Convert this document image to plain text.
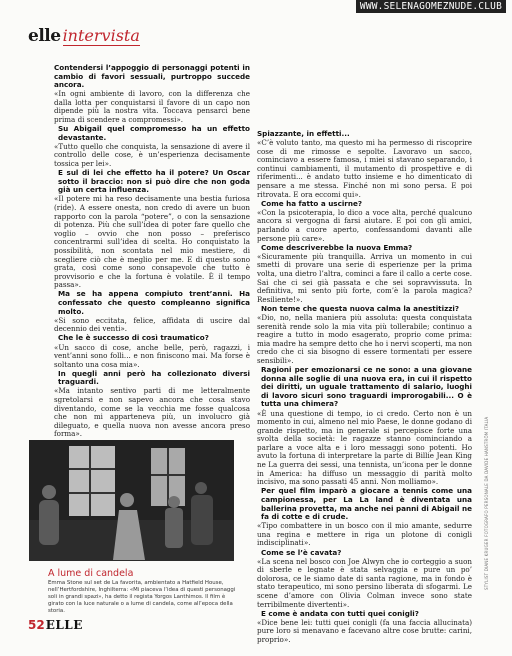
WWW.SELENAGOMEZNUDE.CLUB
elle intervista

Contendersi l’appoggio di personaggi potenti in cambio di favori sessuali, purtroppo succede ancora.

«In ogni ambiente di lavoro, con la differenza che dalla lotta per conquistarsi il favore di un capo non dipende più la nostra vita. Toccava pensarci bene prima di scendere a compromessi».

Su Abigail quel compromesso ha un effetto devastante.

«Tutto quello che conquista, la sensazione di avere il controllo delle cose, è un’esperienza decisamente tossica per lei».

E sul di lei che effetto ha il potere? Un Oscar sotto il braccio: non si può dire che non goda già un certa influenza.

«Il potere mi ha reso decisamente una bestia furiosa (ride). A essere onesta, non credo di avere un buon rapporto con la parola “potere”, o con la sensazione di potenza. Più che sull’idea di poter fare quello che voglio – ovvio che non posso – preferisco concentrarmi sull’idea di scelta. Ho conquistato la possibilità, non scontata nel mio mestiere, di scegliere ciò che è meglio per me. E di questo sono grata, così come sono consapevole che tutto è provvisorio e che la fortuna è volatile. È il tempo passa».

Ma se ha appena compiuto trent’anni. Ha confessato che questo compleanno significa molto.

«Si sono eccitata, felice, affidata di uscire dal decennio dei venti».

Che le è successo di così traumatico?

«Un sacco di cose, anche belle, però, ragazzi, i vent’anni sono folli... e non finiscono mai. Ma forse è soltanto una cosa mia».

In quegli anni però ha collezionato diversi traguardi.

«Ma intanto sentivo parti di me letteralmente sgretolarsi e non sapevo ancora che cosa stavo diventando, come se la vecchia me fosse qualcosa che non mi apparteneva più, un involucro già dileguato, e quella nuova non avesse ancora preso forma».

Spiazzante, in effetti...

«C’è voluto tanto, ma questo mi ha permesso di riscoprire cose di me rimosse e sepolte. Lavoravo un sacco, cominciavo a essere famosa, i miei si stavano separando, i continui cambiamenti, il mutamento di prospettive e di riferimenti... è andato tutto insieme e ho dimenticato di pensare a me stessa. Finché non mi sono persa. E poi ritrovata. E ora eccomi qui».

Come ha fatto a uscirne?

«Con la psicoterapia, lo dico a voce alta, perché qualcuno ancora si vergogna di farsi aiutare. E poi con gli amici, parlando a cuore aperto, confessandomi davanti alle persone più care».

Come descriverebbe la nuova Emma?

«Sicuramente più tranquilla. Arriva un momento in cui smetti di provare una serie di esperienze per la prima volta, una dietro l’altra, cominci a fare il callo a certe cose. Sai che ci sei già passata e che sei sopravvissuta. In definitiva, mi sento più forte, com’è la parola magica? Resiliente!».

Non teme che questa nuova calma la anestitizzi?

«Dio, no, nella maniera più assoluta: questa conquistata serenità rende solo la mia vita più tollerabile; continuo a reagire a tutto in modo esagerato, proprio come prima: mia madre ha sempre detto che ho i nervi scoperti, ma non credo che ci sia bisogno di essere tormentati per essere sensibili».

Ragioni per emozionarsi ce ne sono: a una giovane donna alle soglie di una nuova era, in cui il rispetto dei diritti, un uguale trattamento di salario, luoghi di lavoro sicuri sono traguardi improrogabili... O è tutta una chimera?

«È una questione di tempo, io ci credo. Certo non è un momento in cui, almeno nel mio Paese, le donne godano di grande rispetto, ma in generale si percepisce forte una svolta della società: le ragazze stanno cominciando a parlare a voce alta e i loro messaggi sono potenti. Ho avuto la fortuna di interpretare la parte di Billie Jean King ne La guerra dei sessi, una tennista, un’icona per le donne in America: ha diffuso un messaggio di parità molto incisivo, ma sono passati 45 anni. Non molliamo».

Per quel film imparò a giocare a tennis come una campionessa, per La La land è diventata una ballerina provetta, ma anche nei panni di Abigail ne fa di cotte e di crude.

«Tipo combattere in un bosco con il mio amante, sedurre una regina e mettere in riga un plotone di conigli indisciplinati».

Come se l’è cavata?

«La scena nel bosco con Joe Alwyn che io corteggio a suon di sberle e legnate è stata selvaggia e pure un po’ dolorosa, ce le siamo date di santa ragione, ma in fondo è stato terapeutico, mi sono persino liberata di sfogarmi. Le scene d’amore con Olivia Colman invece sono state terribilmente divertenti».

E come è andata con tutti quei conigli?

«Dice bene lei: tutti quei conigli (fa una faccia allucinata) pure loro si menavano e facevano altre cose brutte: carini, proprio».

A lume di candela
Emma Stone sul set de La favorita, ambientato a Hatfield House, nell’Hertfordshire, Inghilterra: «Mi piaceva l’idea di questi personaggi soli in grandi spazi», ha detto il regista Yorgos Lanthimos. Il film è girato con la luce naturale o a lume di candela, come all’epoca della storia.
STYLIST DIANE KRUGER FOTOGRAFO PERSONALE DA DAVIDE HANSTRÖM ITALIA
52 ELLE
